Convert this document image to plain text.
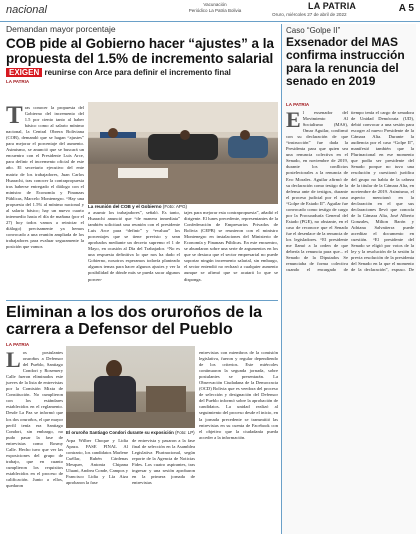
nacional	Vacunación
Periódico La Patria Bolivia	LA PATRIA
Oruro, miércoles 27 de abril de 2022
A 5
Demandan mayor porcentaje
COB pide al Gobierno hacer “ajustes” a la propuesta del 1.5% de incremento salarial
EXIGEN reunirse con Arce para definir el incremento final
LA PATRIA
T ras conocer la propuesta del Gobierno del incremento del 1.5 por ciento tanto al haber básico como al salario mínimo nacional, la Central Obrera Boliviana (COB), demandó que se hagan “ajustes” para mejorar el porcentaje del aumento. Asimismo, se anunció que se buscará un encuentro con el Presidente Luis Arce, para definir el incremento oficial de este año. El secretario ejecutivo del ente matriz de los trabajadores, Juan Carlos Huarachi, tras conocer la contrapropuesta tras haberse entregado el diálogo con el ministro de Economía y Finanzas Públicas, Marcelo Montenegro. “Hay una propuesta del 1.5% al mínimo nacional y al salario básico; hay un nuevo cuarto intermedio hasta el día de mañana (por el 27) hoy todos vamos a reiniciar el diálogo) precisamente ya hemos convocado a una reunión ampliada de los trabajadores para evaluar seguramente la posición que vamos
La reunión del COB y el Gobierno (Foto: APG)
a asumir los trabajadores”, señaló. Es tanto, Huarachi anunció que “de manera inmediata” también solicitará una reunión con el presidente Luis Arce para “definir” y “evaluar” los porcentajes que se tiene previsto y sean aprobados mediante un decreto supremo el 1 de Mayo, en ocasión al Día del Trabajador. “No es una respuesta definitiva lo que nos ha dado el Gobierno, nosotros esperamos todavía planteado algunos temas para hacer algunos ajustes y ver la posibilidad de dónde más se pueda sacar algunos porcen-
tajes para mejorar esta contrapropuesta”, añadió el dirigente. El lunes precedente, representantes de la Confederación de Empresarios Privados de Bolivia (CEPB) se reunieron con el ministro Montenegro en instalaciones del Ministerio de Economía y Finanzas Públicas. En este encuentro, se abundaron sobre una serie de argumentos en los que se destaca que el sector empresarial no puede soportar ningún incremento salarial, sin embargo, el sector entendió no rechazó a cualquier aumento aunque se afirmó que se acatará lo que se disponga.
Caso “Golpe II”
Exsenador del MAS confirma instrucción para la renuncia del senado en 2019
LA PATRIA
E l exsenador del Movimiento Al Socialismo (MAS), Omar Aguilar, confirmó con su declaración de que “instrucción” fue dada la Presidenta para que quien sea una renuncia colectiva en el Senado, en noviembre de 2019, durante los conflictos postelectorales a la renuncia de Evo Morales. Aguilar afirmó de su declaración como testigo de la defensa ante de testigos, durante el proceso judicial por el caso “Golpe de Estado II”. Aguilar fue convocado como testigo de cargo por la Procuraduría General del Estado (PGE), no obstante, en el caso de reconoce que el Senado fue el desenlace de la renuncia de los legisladores. “El presidente me llamó a la orden de que debería la renuncia para que... el Senado de la Diputados Se renunciaba de forma colectiva cuando el encargado de
tiempo tenía el cargo de senadora de Unidad Demócrata (UD), debió convocar a una sesión para escoger al nuevo Presidente de la Cámara Alta. Durante la audiencia por el caso “Golpe II”, manifestó también que la Plurinacional en ese momento que podía ser presidente del Senado porque no tuvo una resolución y cuestionó jurídica del grupo no había de la cabeza de la titular de la Cámara Alta, en noviembre de 2019. Asimismo, el aspecto mencionó en la declaración en el que sus declaraciones llevó que conocía de la Cámara Alta, José Alberto Gonzales, Milton Barón y Adriana Salvatierra puede acreditar el documento en cuestión. “El presidente del Senado se eligió por votos de la ley y la resolución de la sesión la previa resolución de la presidenta del Senado en la que el momento de la declaración”, expuso. De
Eliminan a los dos oruroños de la carrera a Defensor del Pueblo
LA PATRIA
L os postulantes oruroños a Defensor del Pueblo, Santiago Condori y Rosemery Calle fueron eliminados este jueves de la lista de entrevistas por la Comisión Mixta de Constitución. No cumplieron con los estándares establecidos en el reglamento. Desde La Paz se informó que los dos oruroños, el que mayor perfil tenía era Santiago Condori, sin embargo, no pudo pasar la fase de entrevistas como Rosmy Calle. Hecho tuvo que ver las exposiciones del grupo de trabajo, que en cuanto cumplieron los requisitos establecidos en el proceso de calificación. Junto a ellos, quedaron
El oruroño Santiago Condori durante su exposición (Foto: LP)
Arpa Wilber Choque y Lidia Apaza. FASE FINAL Al contrario, los candidatos Marlene Cuéllar, Rubén Cárdenas Mesquer, Antonia Chipana Uluani, Andrea Conde, Campos y Francisco Lidia y Lía Aiza aprobaron la fase
de entrevista y pasaron a la fase final de selección en la Asamblea Legislativa Plurinacional, según reporte de la Agencia de Noticias Fides. Los cuatro aspirantes, tras ingresar y una sesión aprobaron en la primera jornada de entrevistas
entrevistas con miembros de la comisión legislativa, fueron y regular dependiendo de los criterios. Este miércoles continuaron la segunda jornada, sobre postulantes se presentarán. La Observación Ciudadana de la Democracia (OCD) Bolivia que es veedora del proceso de selección y designación del Defensor del Pueblo informó sobre la aprobación de candidatos. La unidad realizó al seguimiento del proceso desde el inicio, en la jornada precedente se transmitió las entrevistas en su cuenta de Facebook con el objetivo que la ciudadanía pueda acceder a la información.
